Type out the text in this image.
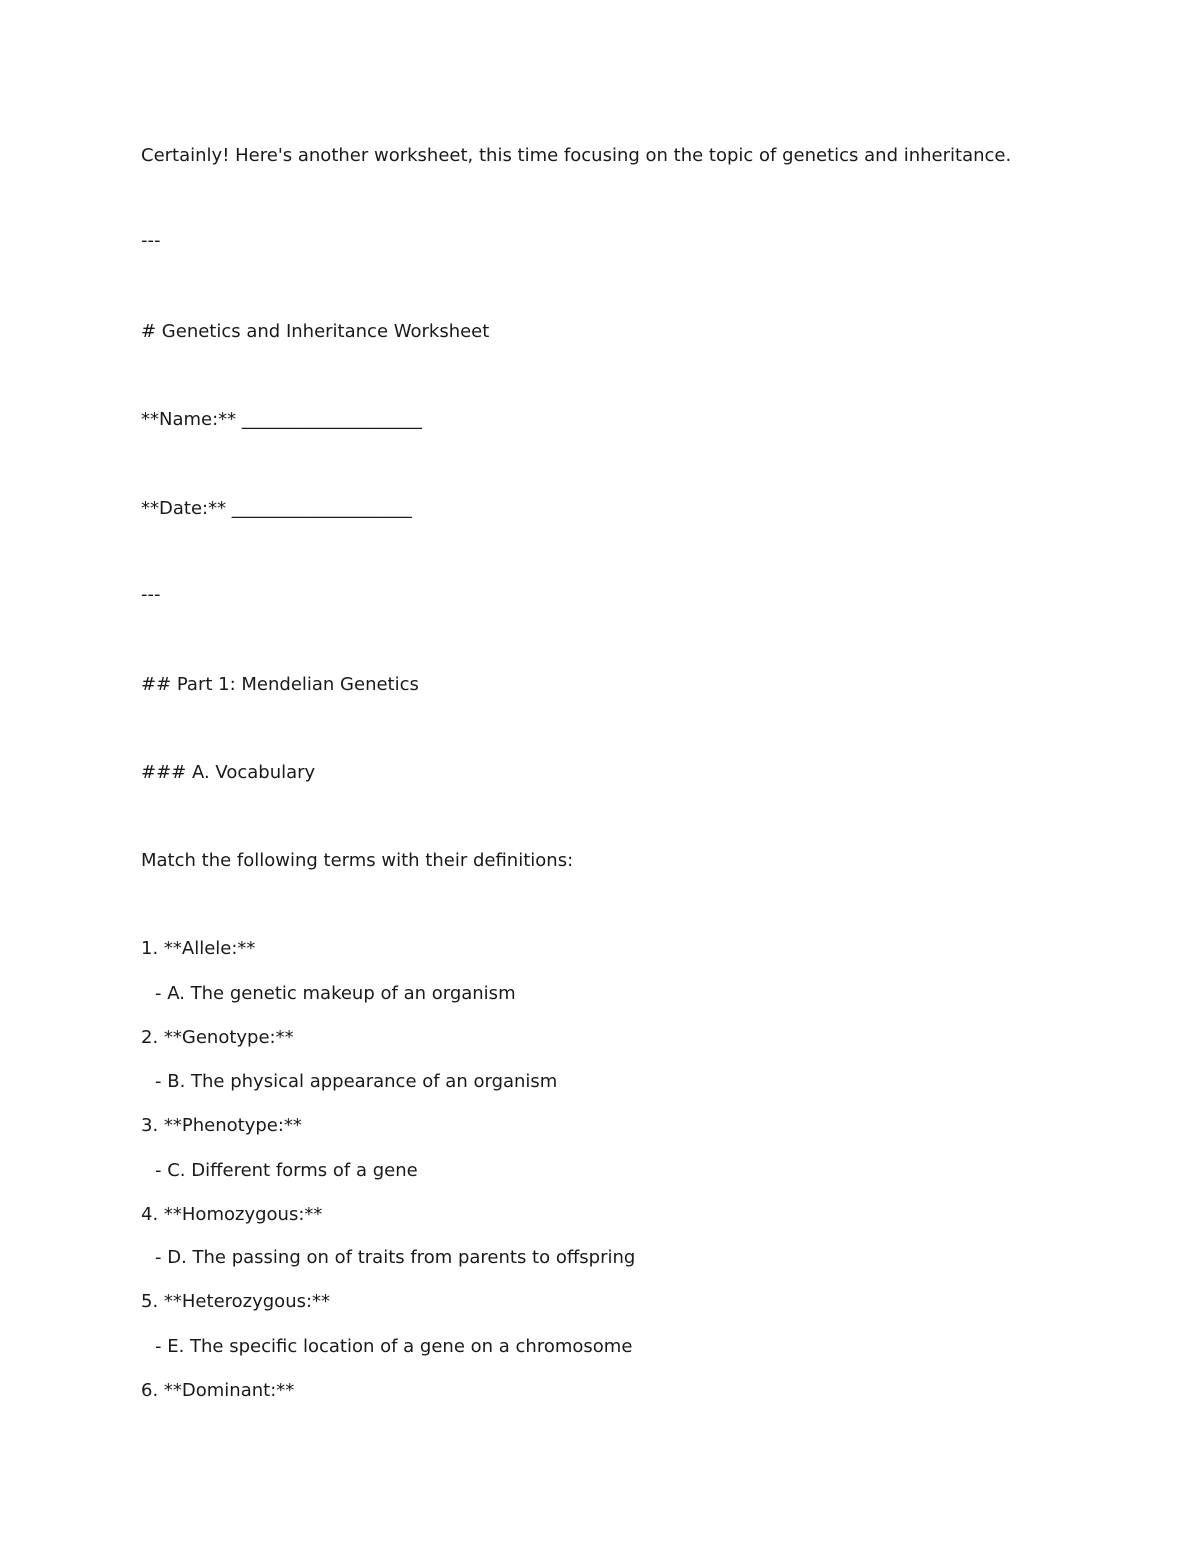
Certainly! Here's another worksheet, this time focusing on the topic of genetics and inheritance.

---

# Genetics and Inheritance Worksheet

**Name:** ____________________

**Date:** ____________________

---

## Part 1: Mendelian Genetics

### A. Vocabulary

Match the following terms with their definitions:

1. **Allele:**

- A. The genetic makeup of an organism

2. **Genotype:**

- B. The physical appearance of an organism

3. **Phenotype:**

- C. Different forms of a gene

4. **Homozygous:**

- D. The passing on of traits from parents to offspring

5. **Heterozygous:**

- E. The specific location of a gene on a chromosome

6. **Dominant:**
